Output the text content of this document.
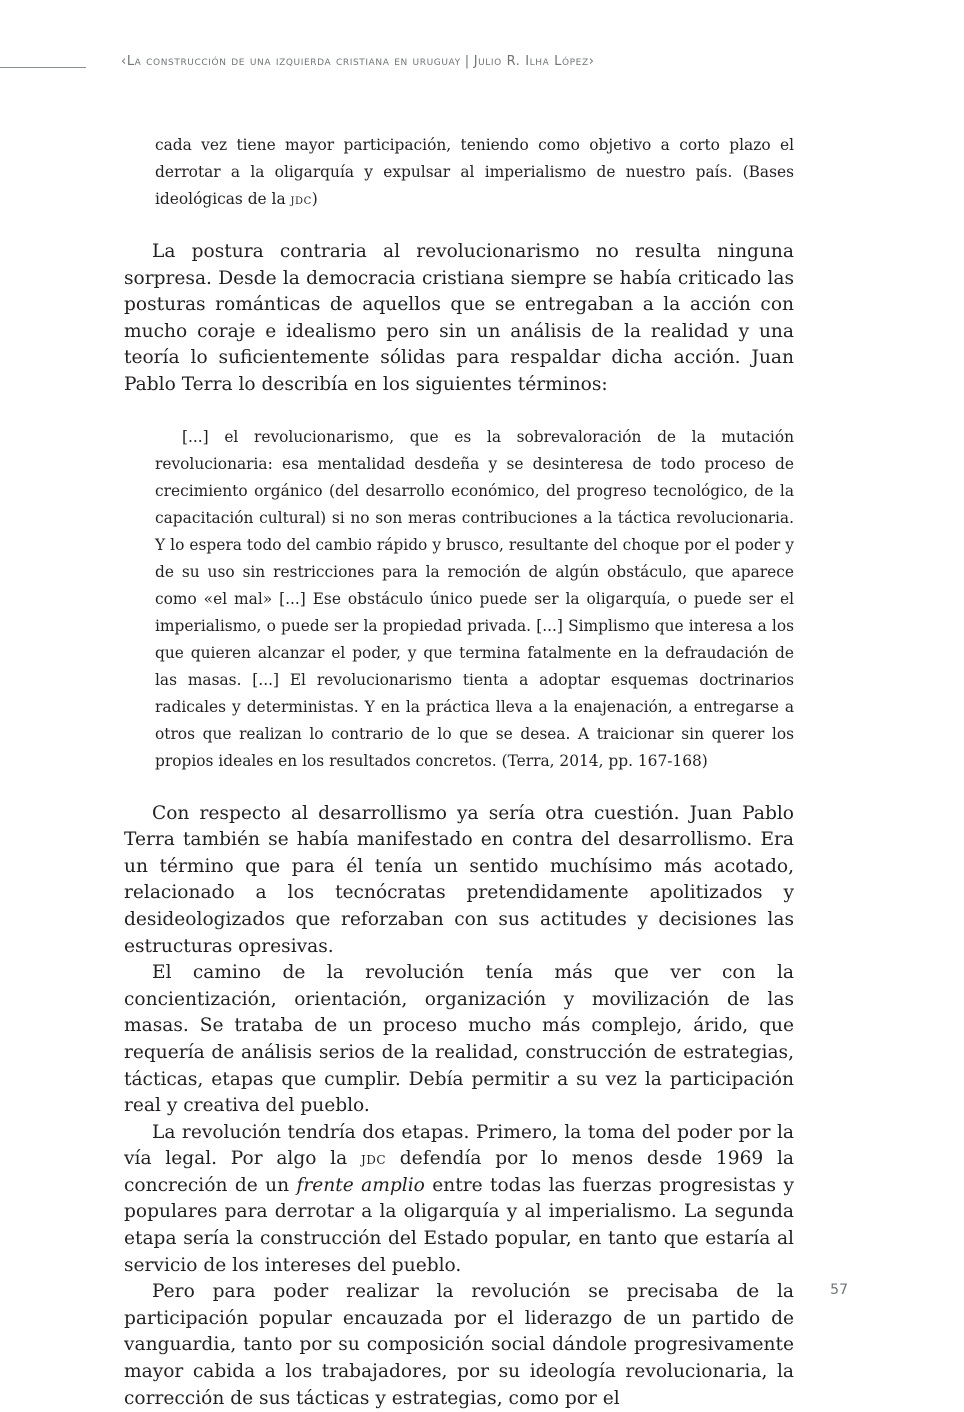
‹La construcción de una izquierda cristiana en uruguay | Julio R. Ilha López›
cada vez tiene mayor participación, teniendo como objetivo a corto plazo el derrotar a la oligarquía y expulsar al imperialismo de nuestro país. (Bases ideológicas de la jdc)

La postura contraria al revolucionarismo no resulta ninguna sorpresa. Desde la democracia cristiana siempre se había criticado las posturas románticas de aquellos que se entregaban a la acción con mucho coraje e idealismo pero sin un análisis de la realidad y una teoría lo suficientemente sólidas para respaldar dicha acción. Juan Pablo Terra lo describía en los siguientes términos:

[...] el revolucionarismo, que es la sobrevaloración de la mutación revolucionaria: esa mentalidad desdeña y se desinteresa de todo proceso de crecimiento orgánico (del desarrollo económico, del progreso tecnológico, de la capacitación cultural) si no son meras contribuciones a la táctica revolucionaria. Y lo espera todo del cambio rápido y brusco, resultante del choque por el poder y de su uso sin restricciones para la remoción de algún obstáculo, que aparece como «el mal» [...] Ese obstáculo único puede ser la oligarquía, o puede ser el imperialismo, o puede ser la propiedad privada. [...] Simplismo que interesa a los que quieren alcanzar el poder, y que termina fatalmente en la defraudación de las masas. [...] El revolucionarismo tienta a adoptar esquemas doctrinarios radicales y deterministas. Y en la práctica lleva a la enajenación, a entregarse a otros que realizan lo contrario de lo que se desea. A traicionar sin querer los propios ideales en los resultados concretos. (Terra, 2014, pp. 167-168)

Con respecto al desarrollismo ya sería otra cuestión. Juan Pablo Terra también se había manifestado en contra del desarrollismo. Era un término que para él tenía un sentido muchísimo más acotado, relacionado a los tecnócratas pretendidamente apolitizados y desideologizados que reforzaban con sus actitudes y decisiones las estructuras opresivas.

El camino de la revolución tenía más que ver con la concientización, orientación, organización y movilización de las masas. Se trataba de un proceso mucho más complejo, árido, que requería de análisis serios de la realidad, construcción de estrategias, tácticas, etapas que cumplir. Debía permitir a su vez la participación real y creativa del pueblo.

La revolución tendría dos etapas. Primero, la toma del poder por la vía legal. Por algo la jdc defendía por lo menos desde 1969 la concreción de un frente amplio entre todas las fuerzas progresistas y populares para derrotar a la oligarquía y al imperialismo. La segunda etapa sería la construcción del Estado popular, en tanto que estaría al servicio de los intereses del pueblo.

Pero para poder realizar la revolución se precisaba de la participación popular encauzada por el liderazgo de un partido de vanguardia, tanto por su composición social dándole progresivamente mayor cabida a los trabajadores, por su ideología revolucionaria, la corrección de sus tácticas y estrategias, como por el

57
